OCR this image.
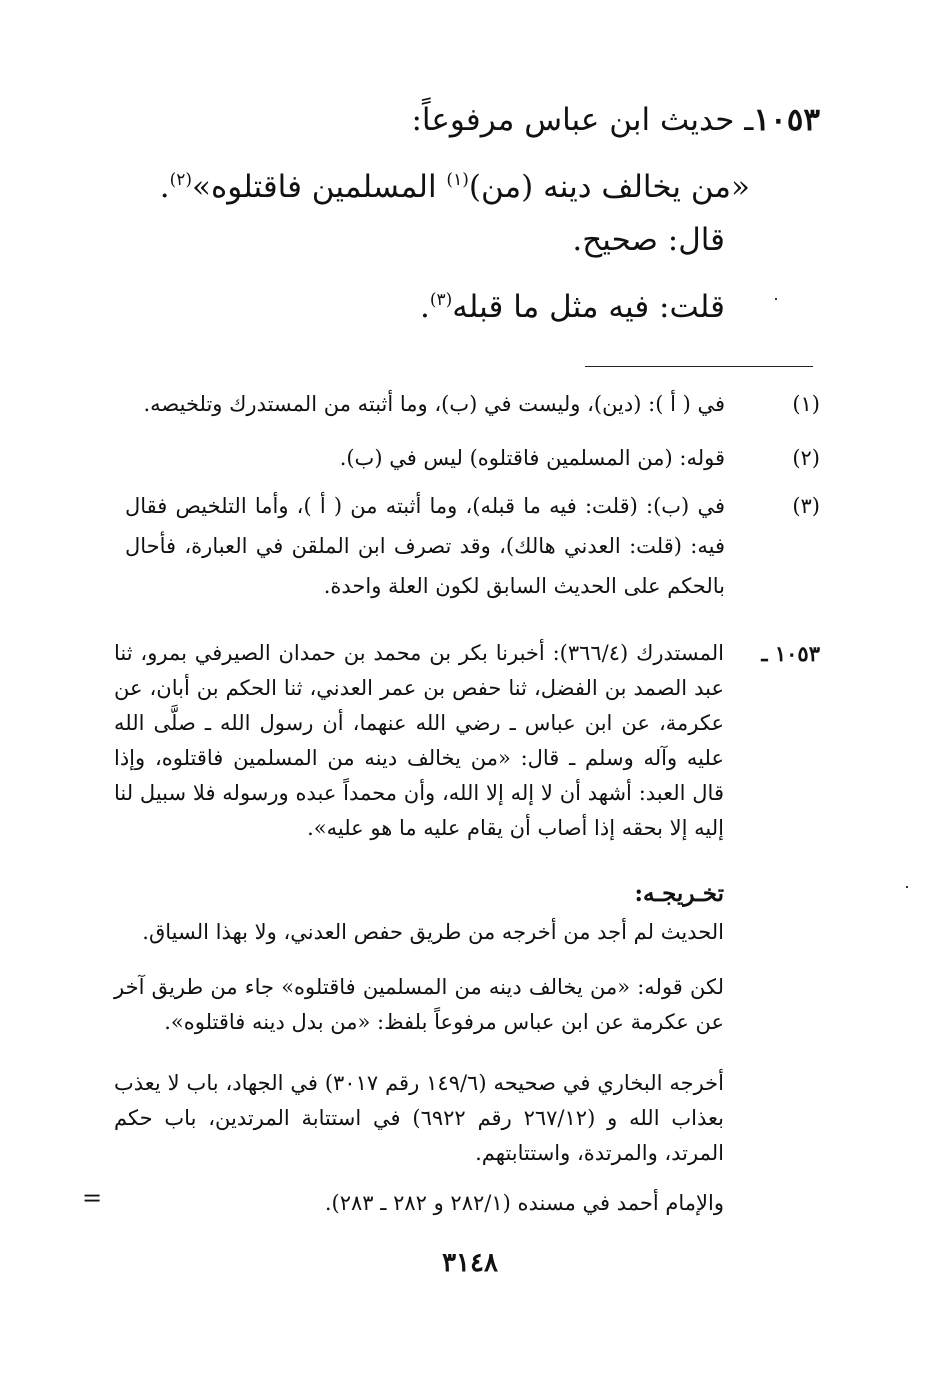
١٠٥٣ـ حديث ابن عباس مرفوعاً:
«من يخالف دينه (من)$^{(١)}$ المسلمين فاقتلوه»$^{(٢)}$.
قال: صحيح.
قلت: فيه مثل ما قبله$^{(٣)}$.
(١)
في ( أ ): (دين)، وليست في (ب)، وما أثبته من المستدرك وتلخيصه.
(٢)
قوله: (من المسلمين فاقتلوه) ليس في (ب).
(٣)
في (ب): (قلت: فيه ما قبله)، وما أثبته من ( أ )، وأما التلخيص فقال فيه: (قلت: العدني هالك)، وقد تصرف ابن الملقن في العبارة، فأحال بالحكم على الحديث السابق لكون العلة واحدة.
١٠٥٣ ـ
المستدرك (٣٦٦/٤): أخبرنا بكر بن محمد بن حمدان الصيرفي بمرو، ثنا عبد الصمد بن الفضل، ثنا حفص بن عمر العدني، ثنا الحكم بن أبان، عن عكرمة، عن ابن عباس ـ رضي الله عنهما، أن رسول الله ـ صلَّى الله عليه وآله وسلم ـ قال: «من يخالف دينه من المسلمين فاقتلوه، وإذا قال العبد: أشهد أن لا إله إلا الله، وأن محمداً عبده ورسوله فلا سبيل لنا إليه إلا بحقه إذا أصاب أن يقام عليه ما هو عليه».
تخـريجـه:
الحديث لم أجد من أخرجه من طريق حفص العدني، ولا بهذا السياق.
لكن قوله: «من يخالف دينه من المسلمين فاقتلوه» جاء من طريق آخر عن عكرمة عن ابن عباس مرفوعاً بلفظ: «من بدل دينه فاقتلوه».
أخرجه البخاري في صحيحه (١٤٩/٦ رقم ٣٠١٧) في الجهاد، باب لا يعذب بعذاب الله و (٢٦٧/١٢ رقم ٦٩٢٢) في استتابة المرتدين، باب حكم المرتد، والمرتدة، واستتابتهم.
والإمام أحمد في مسنده (٢٨٢/١ و ٢٨٢ ـ ٢٨٣).
=
٣١٤٨
